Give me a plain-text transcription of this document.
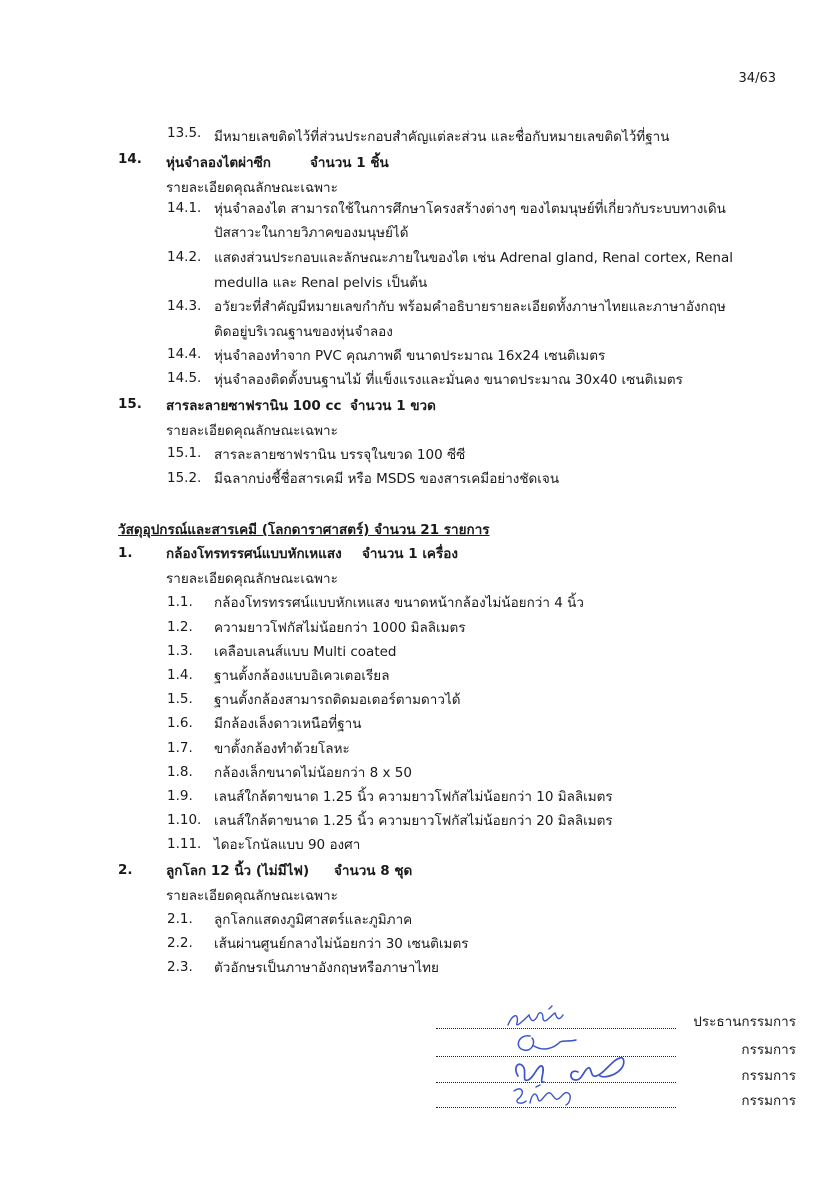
34/63
13.5. มีหมายเลขติดไว้ที่ส่วนประกอบสำคัญแต่ละส่วน และชื่อกับหมายเลขติดไว้ที่ฐาน
14. หุ่นจำลองไตผ่าซีก	จำนวน 1 ชิ้น
รายละเอียดคุณลักษณะเฉพาะ
14.1. หุ่นจำลองไต สามารถใช้ในการศึกษาโครงสร้างต่างๆ ของไตมนุษย์ที่เกี่ยวกับระบบทางเดิน
ปัสสาวะในกายวิภาคของมนุษย์ได้
14.2. แสดงส่วนประกอบและลักษณะภายในของไต เช่น Adrenal gland, Renal cortex, Renal
medulla และ Renal pelvis เป็นต้น
14.3. อวัยวะที่สำคัญมีหมายเลขกำกับ พร้อมคำอธิบายรายละเอียดทั้งภาษาไทยและภาษาอังกฤษ
ติดอยู่บริเวณฐานของหุ่นจำลอง
14.4. หุ่นจำลองทำจาก PVC คุณภาพดี ขนาดประมาณ 16x24 เซนติเมตร
14.5. หุ่นจำลองติดตั้งบนฐานไม้ ที่แข็งแรงและมั่นคง ขนาดประมาณ 30x40 เซนติเมตร
15. สารละลายซาฟรานิน 100 cc จำนวน 1 ขวด
รายละเอียดคุณลักษณะเฉพาะ
15.1. สารละลายซาฟรานิน บรรจุในขวด 100 ซีซี
15.2. มีฉลากบ่งชี้ชื่อสารเคมี หรือ MSDS ของสารเคมีอย่างชัดเจน
วัสดุอุปกรณ์และสารเคมี (โลกดาราศาสตร์) จำนวน 21 รายการ
1. กล้องโทรทรรศน์แบบหักเหแสง จำนวน 1 เครื่อง
รายละเอียดคุณลักษณะเฉพาะ
1.1. กล้องโทรทรรศน์แบบหักเหแสง ขนาดหน้ากล้องไม่น้อยกว่า 4 นิ้ว
1.2. ความยาวโฟกัสไม่น้อยกว่า 1000 มิลลิเมตร
1.3. เคลือบเลนส์แบบ Multi coated
1.4. ฐานตั้งกล้องแบบอิเควเตอเรียล
1.5. ฐานตั้งกล้องสามารถติดมอเตอร์ตามดาวได้
1.6. มีกล้องเล็งดาวเหนือที่ฐาน
1.7. ขาตั้งกล้องทำด้วยโลหะ
1.8. กล้องเล็กขนาดไม่น้อยกว่า 8 x 50
1.9. เลนส์ใกล้ตาขนาด 1.25 นิ้ว ความยาวโฟกัสไม่น้อยกว่า 10 มิลลิเมตร
1.10. เลนส์ใกล้ตาขนาด 1.25 นิ้ว ความยาวโฟกัสไม่น้อยกว่า 20 มิลลิเมตร
1.11. ไดอะโกนัลแบบ 90 องศา
2. ลูกโลก 12 นิ้ว (ไม่มีไฟ) จำนวน 8 ชุด
รายละเอียดคุณลักษณะเฉพาะ
2.1. ลูกโลกแสดงภูมิศาสตร์และภูมิภาค
2.2. เส้นผ่านศูนย์กลางไม่น้อยกว่า 30 เซนติเมตร
2.3. ตัวอักษรเป็นภาษาอังกฤษหรือภาษาไทย
ประธานกรรมการ
กรรมการ
กรรมการ
กรรมการ
